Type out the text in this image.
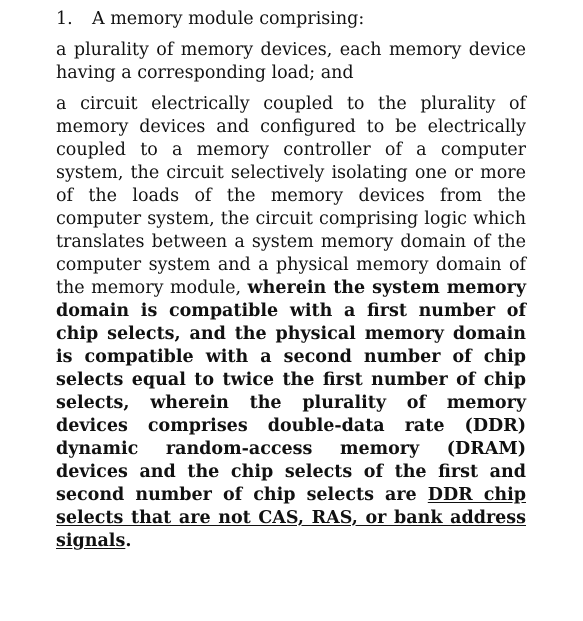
1. A memory module comprising:

a plurality of memory devices, each memory device having a corresponding load; and

a circuit electrically coupled to the plurality of memory devices and configured to be electrically coupled to a memory controller of a computer system, the circuit selectively isolating one or more of the loads of the memory devices from the computer system, the circuit comprising logic which translates between a system memory domain of the computer system and a physical memory domain of the memory module, wherein the system memory domain is compatible with a first number of chip selects, and the physical memory domain is compatible with a second number of chip selects equal to twice the first number of chip selects, wherein the plurality of memory devices comprises double-data rate (DDR) dynamic random-access memory (DRAM) devices and the chip selects of the first and second number of chip selects are DDR chip selects that are not CAS, RAS, or bank address signals.
